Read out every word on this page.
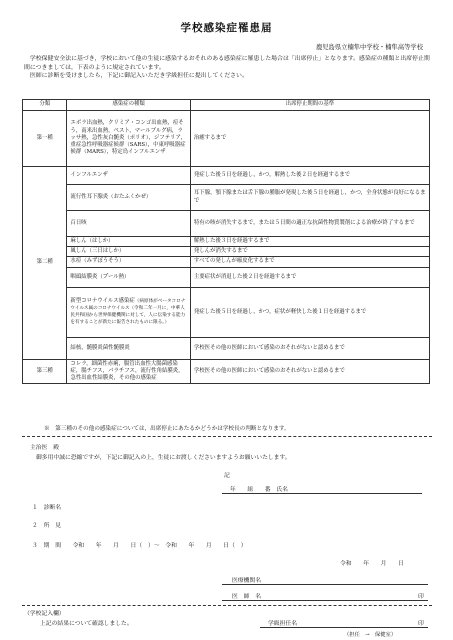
学校感染症罹患届
鹿児島県立楠隼中学校・楠隼高等学校
 学校保健安全法に基づき，学校において他の生徒に感染するおそれのある感染症に罹患した場合は「出席停止」となります。感染症の種類と出席停止期間につきましては，下表のように規定されています。
 医師に診断を受けましたら，下記に御記入いただき学級担任に提出してください。
分類	感染症の種類	出席停止期間の基準
第一種	エボラ出血熱，クリミア・コンゴ出血熱，痘そう，南米出血熱，ペスト，マールブルグ病，ラッサ熱，急性灰白髄炎（ポリオ），ジフテリア，重症急性呼吸器症候群（SARS），中東呼吸器症候群（MARS），特定鳥インフルエンザ	治癒するまで
第二種	インフルエンザ	発症した後５日を経過し，かつ，解熱した後２日を経過するまで
	流行性耳下腺炎（おたふくかぜ）	耳下腺，顎下腺または舌下腺の腫脹が発現した後５日を経過し，かつ，全身状態が良好になるまで
	百日咳	特有の咳が消失するまで，または５日間の適正な抗菌性物質製剤による治療が終了するまで
	麻しん（はしか）	解熱した後３日を経過するまで
	風しん（三日はしか）	発しんが消失するまで
	水痘（みずぼうそう）	すべての発しんが痂皮化するまで
	咽頭結膜炎（プール熱）	主要症状が消退した後２日を経過するまで
	新型コロナウイルス感染症（病原体がベータコロナウイルス属のコロナウイルス（令和二年一月に，中華人民共和国から世界保健機関に対して，人に伝染する能力を有することが新たに報告されたものに限る。）	発症した後５日を経過し，かつ，症状が軽快した後１日を経過するまで
	結核，髄膜炎菌性髄膜炎	学校医その他の医師において感染のおそれがないと認めるまで
第三種	コレラ，細菌性赤痢，腸管出血性大腸菌感染症，腸チフス，パラチフス，流行性角結膜炎，急性出血性結膜炎，その他の感染症	学校医その他の医師において感染のおそれがないと認めるまで
※　第三種のその他の感染症については，出席停止にあたるかどうかは学校長の判断となります。
主治医　殿
御多用中誠に恐縮ですが，下記に御記入の上，生徒にお渡しくださいますようお願いいたします。
記
年　　組　　番　氏名
１　診断名
２　所　見
３　期　間　　令和　　年　　月　　日（　）～　令和　　年　　月　　日（　）
令和　　年　　月　　日
医療機関名
医　師　名	印
（学校記入欄）
上記の結果について確認しました。	学級担任名	印
（担任　→　保健室）
